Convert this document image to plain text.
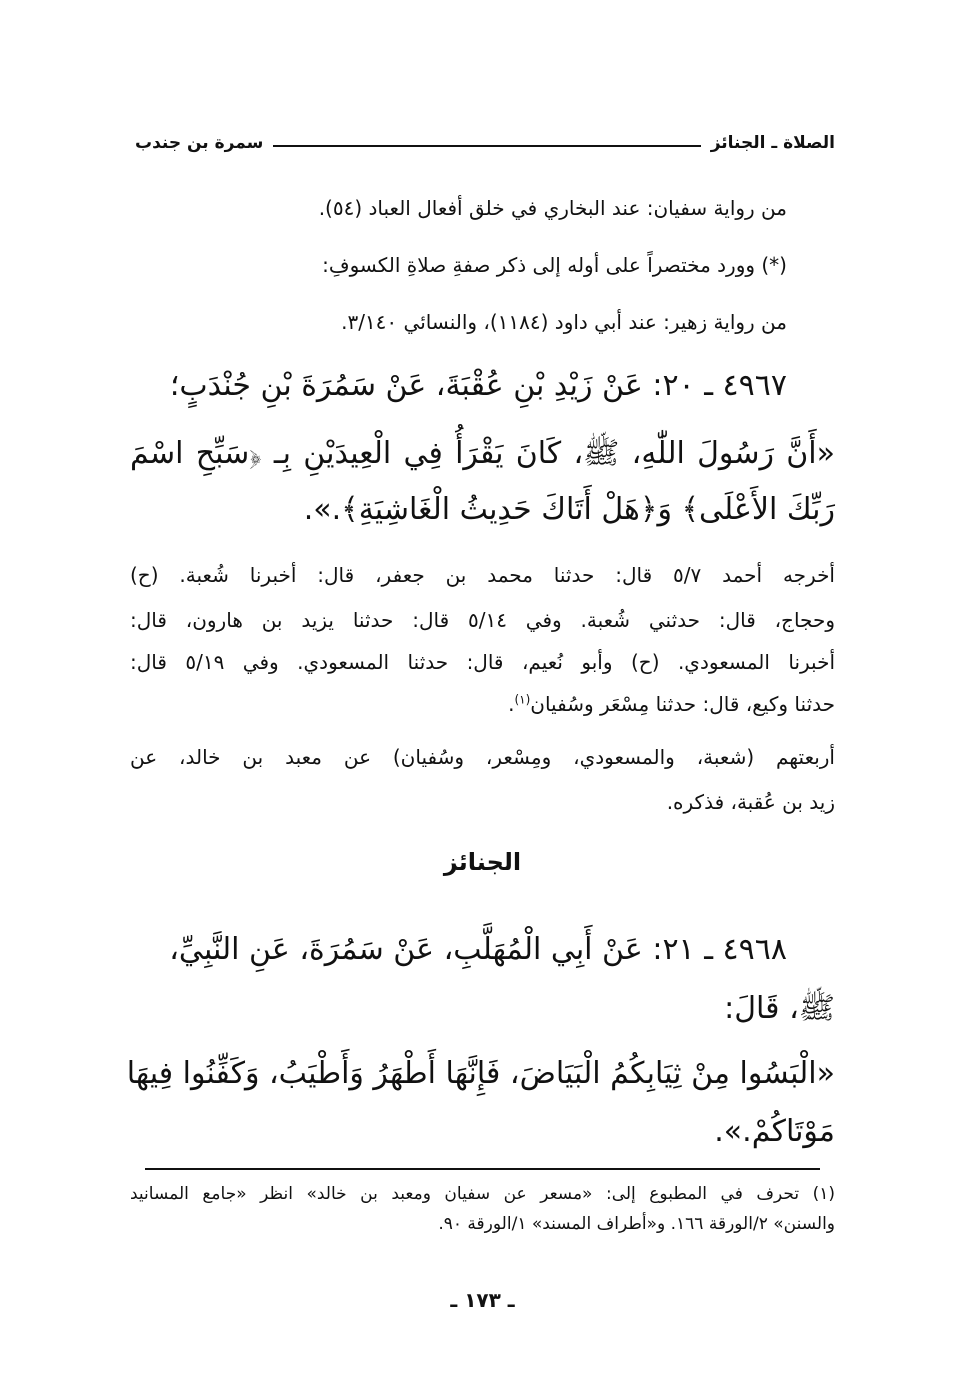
الصلاة ـ الجنائز
سمرة بن جندب
من رواية سفيان: عند البخاري في خلق أفعال العباد (٥٤).
(*) وورد مختصراً على أوله إلى ذكر صفةِ صلاةِ الكسوفِ:
من رواية زهير: عند أبي داود (١١٨٤)، والنسائي ٣/١٤٠.
٤٩٦٧ ـ ٢٠: عَنْ زَيْدِ بْنِ عُقْبَةَ، عَنْ سَمُرَةَ بْنِ جُنْدَبٍ؛
«أَنَّ رَسُولَ اللّٰهِ، ﷺ، كَانَ يَقْرَأُ فِي الْعِيدَيْنِ بِـ ﴿سَبِّحِ اسْمَ
رَبِّكَ الأَعْلَى﴾ وَ﴿هَلْ أَتَاكَ حَدِيثُ الْغَاشِيَةِ﴾.».
أخرجه أحمد ٥/٧ قال: حدثنا محمد بن جعفر، قال: أخبرنا شُعبة. (ح)
وحجاج، قال: حدثني شُعبة. وفي ٥/١٤ قال: حدثنا يزيد بن هارون، قال:
أخبرنا المسعودي. (ح) وأبو نُعيم، قال: حدثنا المسعودي. وفي ٥/١٩ قال:
حدثنا وكيع، قال: حدثنا مِسْعَر وسُفيان$^{(١)}$.
أربعتهم (شعبة، والمسعودي، ومِسْعر، وسُفيان) عن معبد بن خالد، عن
زيد بن عُقبة، فذكره.
الجنائز
٤٩٦٨ ـ ٢١: عَنْ أَبِي الْمُهَلَّبِ، عَنْ سَمُرَةَ، عَنِ النَّبِيِّ،
ﷺ، قَالَ:
«الْبَسُوا مِنْ ثِيَابِكُمُ الْبَيَاضَ، فَإِنَّهَا أَطْهَرُ وَأَطْيَبُ، وَكَفِّنُوا فِيهَا
مَوْتَاكُمْ.».
(١) تحرف في المطبوع إلى: «مسعر عن سفيان ومعبد بن خالد» انظر «جامع المسانيد
والسنن» ٢/الورقة ١٦٦. و«أطراف المسند» ١/الورقة ٩٠.
ـ ١٧٣ ـ
